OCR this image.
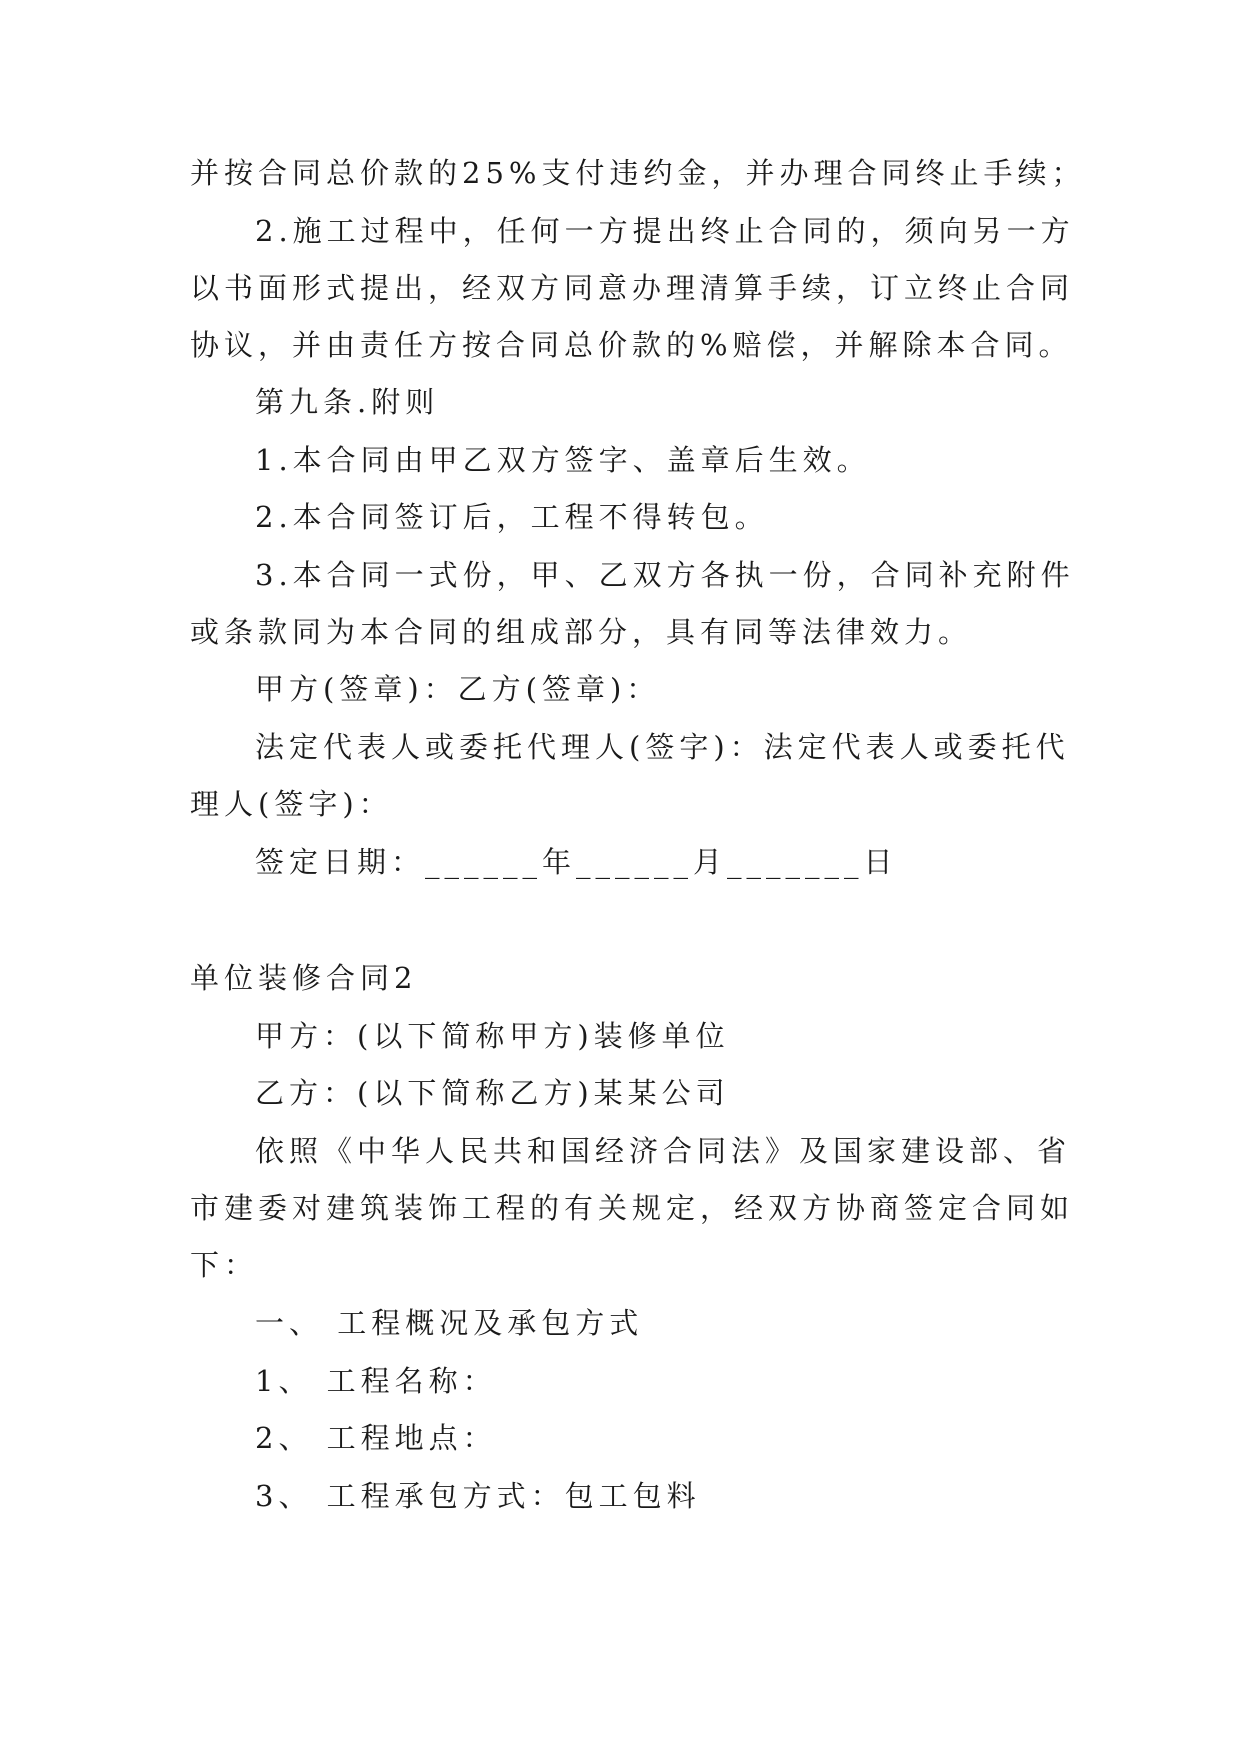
并按合同总价款的25%支付违约金，并办理合同终止手续；
2.施工过程中，任何一方提出终止合同的，须向另一方
以书面形式提出，经双方同意办理清算手续，订立终止合同
协议，并由责任方按合同总价款的%赔偿，并解除本合同。
第九条.附则
1.本合同由甲乙双方签字、盖章后生效。
2.本合同签订后，工程不得转包。
3.本合同一式份，甲、乙双方各执一份，合同补充附件
或条款同为本合同的组成部分，具有同等法律效力。
甲方(签章)：乙方(签章)：
法定代表人或委托代理人(签字)：法定代表人或委托代
理人(签字)：
签定日期：______年______月_______日
单位装修合同2
甲方：(以下简称甲方)装修单位
乙方：(以下简称乙方)某某公司
依照《中华人民共和国经济合同法》及国家建设部、省
市建委对建筑装饰工程的有关规定，经双方协商签定合同如
下：
一、 工程概况及承包方式
1、 工程名称：
2、 工程地点：
3、 工程承包方式：包工包料
